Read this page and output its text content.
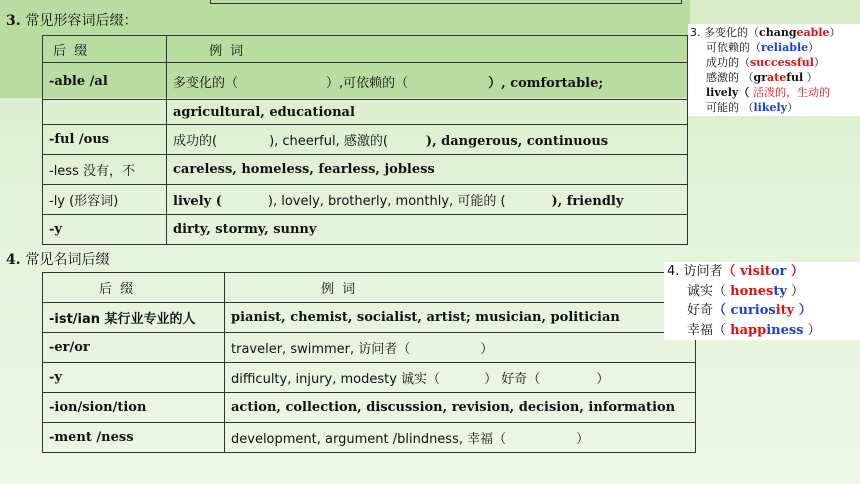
3. 常见形容词后缀：
后 缀	例 词
-able /al	多变化的（ ）,可依赖的（ ）, comfortable;
	agricultural, educational
-ful /ous	成功的( ), cheerful, 感激的( ), dangerous, continuous
-less 没有，不	careless, homeless, fearless, jobless
-ly (形容词)	lively ( ), lovely, brotherly, monthly, 可能的 ( ), friendly
-y	dirty, stormy, sunny
4. 常见名词后缀
后 缀	例 词
-ist/ian 某行业专业的人	pianist, chemist, socialist, artist; musician, politician
-er/or	traveler, swimmer, 访问者（ ）
-y	difficulty, injury, modesty 诚实（ ） 好奇（ ）
-ion/sion/tion	action, collection, discussion, revision, decision, information
-ment /ness	development, argument /blindness, 幸福（ ）
3. 多变化的（changeable）
可依赖的（reliable）
成功的（successful）
感激的 （grateful ）
lively（ 活泼的，生动的
可能的 （likely）
4. 访问者（ visitor ）
诚实（ honesty ）
好奇（ curiosity ）
幸福（ happiness ）
